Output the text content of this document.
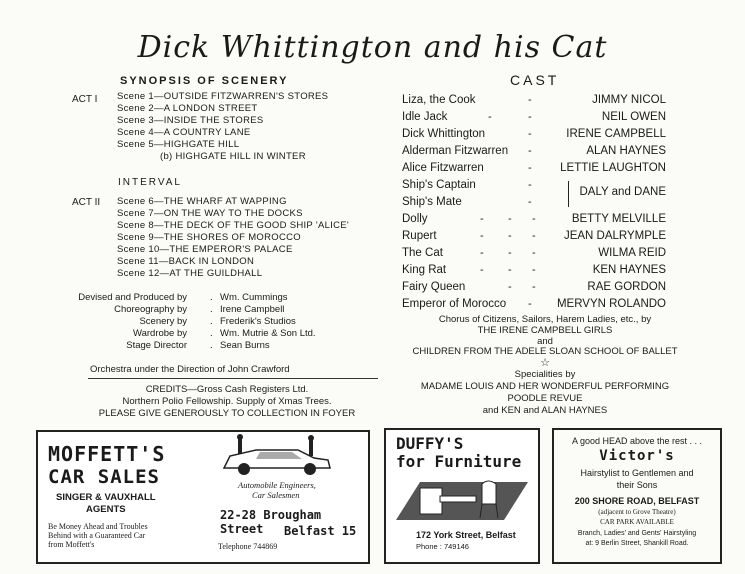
Dick Whittington and his Cat
SYNOPSIS OF SCENERY
ACT I Scene 1—OUTSIDE FITZWARREN'S STORES
Scene 2—A LONDON STREET
Scene 3—INSIDE THE STORES
Scene 4—A COUNTRY LANE
Scene 5—HIGHGATE HILL
(b) HIGHGATE HILL IN WINTER
INTERVAL
ACT II Scene 6—THE WHARF AT WAPPING
Scene 7—ON THE WAY TO THE DOCKS
Scene 8—THE DECK OF THE GOOD SHIP 'ALICE'
Scene 9—THE SHORES OF MOROCCO
Scene 10—THE EMPEROR'S PALACE
Scene 11—BACK IN LONDON
Scene 12—AT THE GUILDHALL
Devised and Produced by . Wm. Cummings
Choreography by . Irene Campbell
Scenery by . Frederik's Studios
Wardrobe by . Wm. Mutrie & Son Ltd.
Stage Director . Sean Burns
Orchestra under the Direction of John Crawford
CREDITS—Gross Cash Registers Ltd.
Northern Polio Fellowship. Supply of Xmas Trees.
PLEASE GIVE GENEROUSLY TO COLLECTION IN FOYER
CAST
Liza, the Cook	-	JIMMY NICOL
Idle Jack	-	-	NEIL OWEN
Dick Whittington	-	IRENE CAMPBELL
Alderman Fitzwarren -	ALAN HAYNES
Alice Fitzwarren	-	LETTIE LAUGHTON
Ship's Captain	-
Ship's Mate	-
DALY and DANE
Dolly	- - -	BETTY MELVILLE
Rupert	- - -	JEAN DALRYMPLE
The Cat	- - -	WILMA REID
King Rat	- - -	KEN HAYNES
Fairy Queen	- -	RAE GORDON
Emperor of Morocco -	MERVYN ROLANDO
Chorus of Citizens, Sailors, Harem Ladies, etc., by
THE IRENE CAMPBELL GIRLS
and
CHILDREN FROM THE ADELE SLOAN SCHOOL OF BALLET
☆
Specialities by
MADAME LOUIS AND HER WONDERFUL PERFORMING
POODLE REVUE
and KEN and ALAN HAYNES
MOFFETT'S
CAR SALES
SINGER & VAUXHALL
AGENTS
Be Money Ahead and Troubles
Behind with a Guaranteed Car
from Moffett's
Automobile Engineers,
Car Salesmen
22-28 Brougham Street	Belfast 15
Telephone 744869
DUFFY'S
for Furniture
172 York Street, Belfast
Phone : 749146
A good HEAD above the rest . . .
Victor's
Hairstylist to Gentlemen and
their Sons
200 SHORE ROAD, BELFAST
(adjacent to Grove Theatre)
CAR PARK AVAILABLE
Branch, Ladies' and Gents' Hairstyling
at: 9 Berlin Street, Shankill Road.
